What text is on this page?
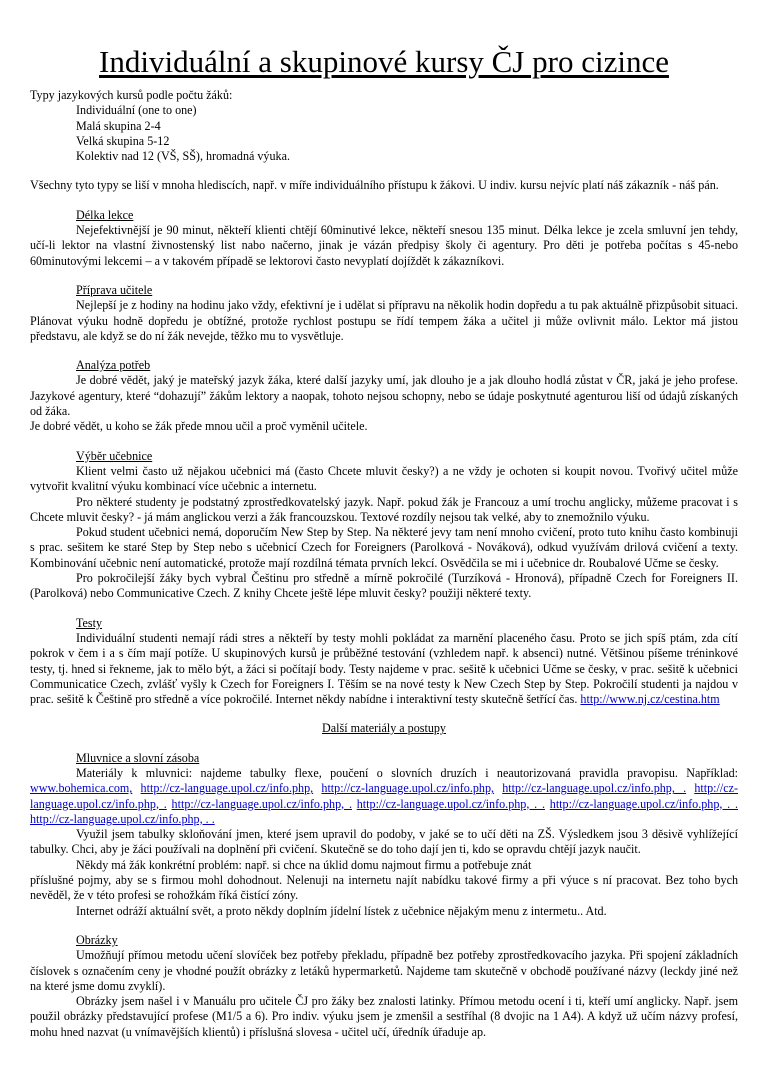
Individuální a skupinové kursy ČJ pro cizince

Typy jazykových kursů podle počtu žáků:

Individuální (one to one)

Malá skupina 2-4

Velká skupina 5-12

Kolektiv nad 12 (VŠ, SŠ), hromadná výuka.

Všechny tyto typy se liší v mnoha hlediscích, např. v míře individuálního přístupu k žákovi. U indiv. kursu nejvíc platí náš zákazník - náš pán.

Délka lekce

Nejefektivnější je 90 minut, někteří klienti chtějí 60minutivé lekce, někteří snesou 135 minut. Délka lekce je zcela smluvní jen tehdy, učí-li lektor na vlastní živnostenský list nabo načerno, jinak je vázán předpisy školy či agentury. Pro děti je potřeba počítas s 45-nebo 60minutovými lekcemi – a v takovém případě se lektorovi často nevyplatí dojíždět k zákazníkovi.

Příprava učitele

Nejlepší je z hodiny na hodinu jako vždy, efektivní je i udělat si přípravu na několik hodin dopředu a tu pak aktuálně přizpůsobit situaci. Plánovat výuku hodně dopředu je obtížné, protože rychlost postupu se řídí tempem žáka a učitel ji může ovlivnit málo. Lektor má jistou představu, ale když se do ní žák nevejde, těžko mu to vysvětluje.

Analýza potřeb

Je dobré vědět, jaký je mateřský jazyk žáka, které další jazyky umí, jak dlouho je a jak dlouho hodlá zůstat v ČR, jaká je jeho profese. Jazykové agentury, které “dohazují” žákům lektory a naopak, tohoto nejsou schopny, nebo se údaje poskytnuté agenturou liší od údajů získaných od žáka.

Je dobré vědět, u koho se žák přede mnou učil a proč vyměnil učitele.

Výběr učebnice

Klient velmi často už nějakou učebnici má (často Chcete mluvit česky?) a ne vždy je ochoten si koupit novou. Tvořivý učitel může vytvořit kvalitní výuku kombinací více učebnic a internetu.

Pro některé studenty je podstatný zprostředkovatelský jazyk. Např. pokud žák je Francouz a umí trochu anglicky, můžeme pracovat i s Chcete mluvit česky? - já mám anglickou verzi a žák francouzskou. Textové rozdíly nejsou tak velké, aby to znemožnilo výuku.

Pokud student učebnici nemá, doporučím New Step by Step. Na některé jevy tam není mnoho cvičení, proto tuto knihu často kombinuji s prac. sešitem ke staré Step by Step nebo s učebnicí Czech for Foreigners (Parolková - Nováková), odkud využívám drilová cvičení a texty. Kombinování učebnic není automatické, protože mají rozdílná témata prvních lekcí. Osvědčila se mi i učebnice dr. Roubalové Učme se česky.

Pro pokročilejší žáky bych vybral Češtinu pro středně a mírně pokročilé (Turzíková - Hronová), případně Czech for Foreigners II. (Parolková) nebo Communicative Czech. Z knihy Chcete ještě lépe mluvit česky? použiji některé texty.

Testy

Individuální studenti nemají rádi stres a někteří by testy mohli pokládat za marnění placeného času. Proto se jich spíš ptám, zda cítí pokrok v čem i a s čím mají potíže. U skupinových kursů je průběžné testování (vzhledem např. k absenci) nutné. Většinou píšeme tréninkové testy, tj. hned si řekneme, jak to mělo být, a žáci si počítají body. Testy najdeme v prac. sešitě k učebnici Učme se česky, v prac. sešitě k učebnici Communicatice Czech, zvlášť vyšly k Czech for Foreigners I. Těším se na nové testy k New Czech Step by Step. Pokročilí studenti ja najdou v prac. sešitě k Češtině pro středně a více pokročilé. Internet někdy nabídne i interaktivní testy skutečně šetřící čas. http://www.nj.cz/cestina.htm

Další materiály a postupy

Mluvnice a slovní zásoba

Materiály k mluvnici: najdeme tabulky flexe, poučení o slovních druzích i neautorizovaná pravidla pravopisu. Například: www.bohemica.com, http://cz-language.upol.cz/info.php, http://cz-language.upol.cz/info.php, http://cz-language.upol.cz/info.php, . http://cz-language.upol.cz/info.php, . http://cz-language.upol.cz/info.php, . http://cz-language.upol.cz/info.php, . . http://cz-language.upol.cz/info.php, . . http://cz-language.upol.cz/info.php, . .

Využil jsem tabulky skloňování jmen, které jsem upravil do podoby, v jaké se to učí děti na ZŠ. Výsledkem jsou 3 děsivě vyhlížející tabulky. Chci, aby je žáci používali na doplnění při cvičení. Skutečně se do toho dají jen ti, kdo se opravdu chtějí jazyk naučit.

Někdy má žák konkrétní problém: např. si chce na úklid domu najmout firmu a potřebuje znát

příslušné pojmy, aby se s firmou mohl dohodnout. Nelenuji na internetu najít nabídku takové firmy a při výuce s ní pracovat. Bez toho bych nevěděl, že v této profesi se rohožkám říká čistící zóny.

Internet odráží aktuální svět, a proto někdy doplním jídelní lístek z učebnice nějakým menu z intermetu.. Atd.

Obrázky

Umožňují přímou metodu učení slovíček bez potřeby překladu, případně bez potřeby zprostředkovacího jazyka. Při spojení základních číslovek s označením ceny je vhodné použít obrázky z letáků hypermarketů. Najdeme tam skutečně v obchodě používané názvy (leckdy jiné než na které jsme domu zvyklí).

Obrázky jsem našel i v Manuálu pro učitele ČJ pro žáky bez znalosti latinky. Přímou metodu ocení i ti, kteří umí anglicky. Např. jsem použil obrázky představující profese (M1/5 a 6). Pro indiv. výuku jsem je zmenšil a sestříhal (8 dvojic na 1 A4). A když už učím názvy profesí, mohu hned nazvat (u vnímavějších klientů) i příslušná slovesa - učitel učí, úředník úřaduje ap.
